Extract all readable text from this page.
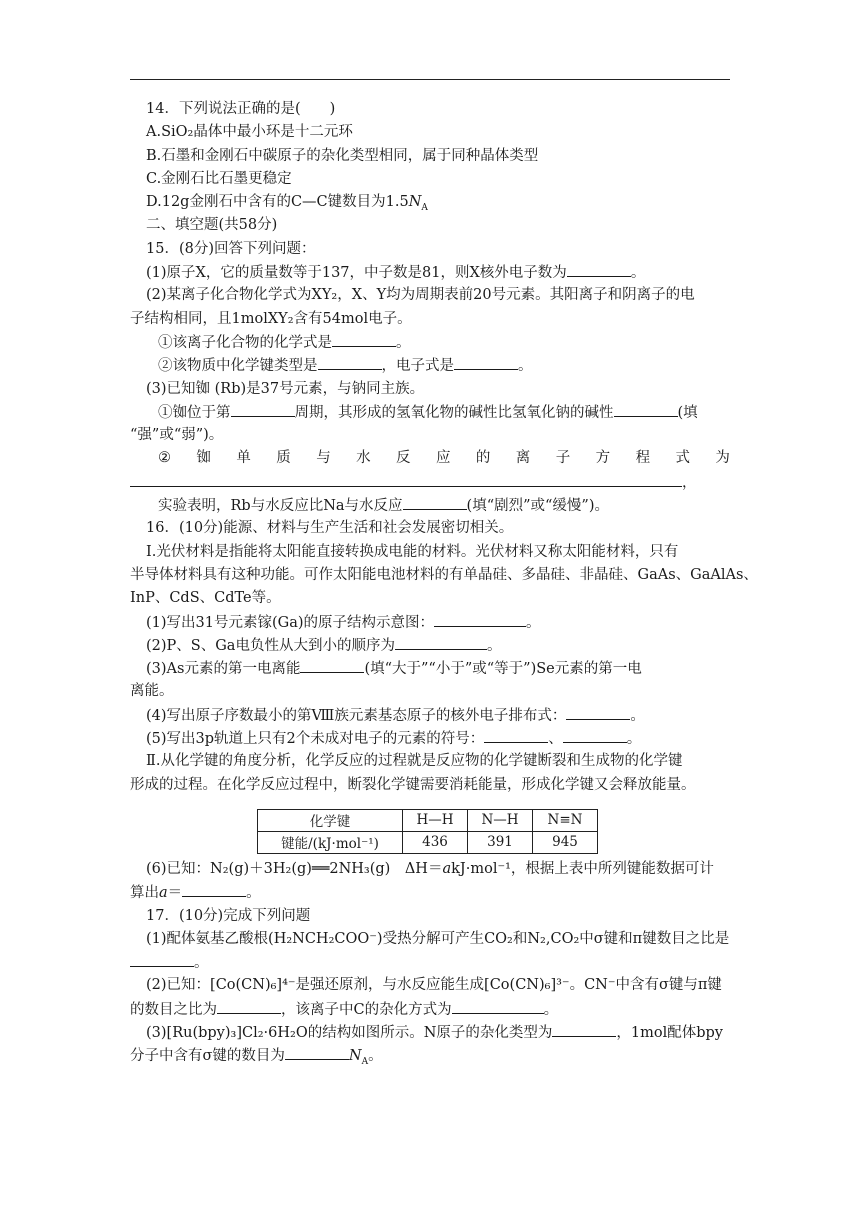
14．下列说法正确的是(　　)
A.SiO₂晶体中最小环是十二元环
B.石墨和金刚石中碳原子的杂化类型相同，属于同种晶体类型
C.金刚石比石墨更稳定
D.12g金刚石中含有的C—C键数目为$1.5N_A$
二、填空题(共58分)
15．(8分)回答下列问题：
(1)原子X，它的质量数等于137，中子数是81，则X核外电子数为	。
(2)某离子化合物化学式为XY₂，X、Y均为周期表前20号元素。其阳离子和阴离子的电
子结构相同，且1molXY₂含有54mol电子。
①该离子化合物的化学式是	。
②该物质中化学键类型是	，电子式是	。
(3)已知铷 (Rb)是37号元素，与钠同主族。
①铷位于第	周期，其形成的氢氧化物的碱性比氢氧化钠的碱性	(填
“强”或“弱”)。
② 铷 单 质 与 水 反 应 的 离 子 方 程 式 为
，
实验表明，Rb与水反应比Na与水反应	(填“剧烈”或“缓慢”)。
16．(10分)能源、材料与生产生活和社会发展密切相关。
Ⅰ.光伏材料是指能将太阳能直接转换成电能的材料。光伏材料又称太阳能材料，只有
半导体材料具有这种功能。可作太阳能电池材料的有单晶硅、多晶硅、非晶硅、GaAs、GaAlAs、
InP、CdS、CdTe等。
(1)写出31号元素镓(Ga)的原子结构示意图：	。
(2)P、S、Ga电负性从大到小的顺序为	。
(3)As元素的第一电离能	(填“大于”“小于”或“等于”)Se元素的第一电
离能。
(4)写出原子序数最小的第Ⅷ族元素基态原子的核外电子排布式：	。
(5)写出3p轨道上只有2个未成对电子的元素的符号：	、	。
Ⅱ.从化学键的角度分析，化学反应的过程就是反应物的化学键断裂和生成物的化学键
形成的过程。在化学反应过程中，断裂化学键需要消耗能量，形成化学键又会释放能量。
化学键	H—H	N—H	N≡N
键能/(kJ·mol⁻¹)	436	391	945
(6)已知：N₂(g)＋3H₂(g)══2NH₃(g)　ΔH＝akJ·mol⁻¹，根据上表中所列键能数据可计
算出a＝	。
17．(10分)完成下列问题
(1)配体氨基乙酸根(H₂NCH₂COO⁻)受热分解可产生CO₂和N₂,CO₂中σ键和π键数目之比是
。
(2)已知：[Co(CN)₆]⁴⁻是强还原剂，与水反应能生成[Co(CN)₆]³⁻。CN⁻中含有σ键与π键
的数目之比为	，该离子中C的杂化方式为	。
(3)[Ru(bpy)₃]Cl₂·6H₂O的结构如图所示。N原子的杂化类型为	，1mol配体bpy
分子中含有σ键的数目为	$N_A$。
